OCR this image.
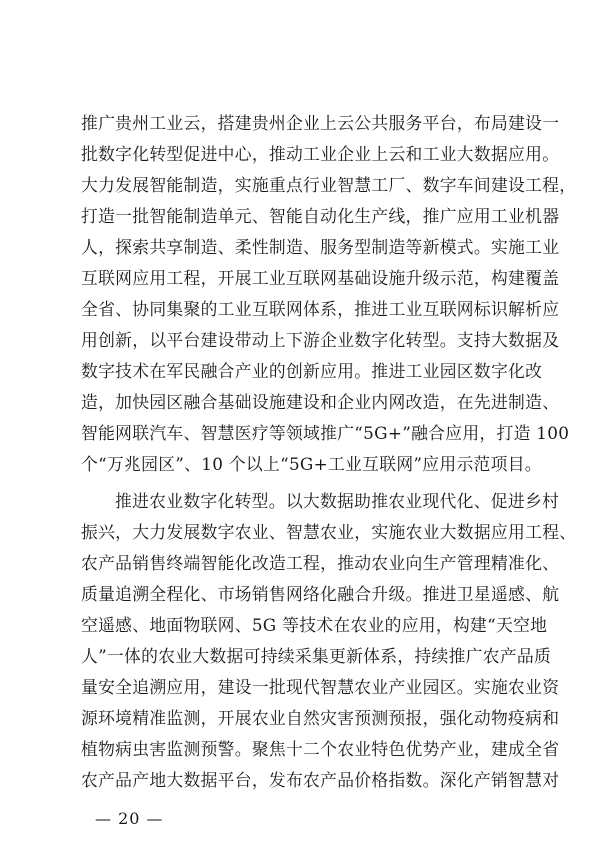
推广贵州工业云，搭建贵州企业上云公共服务平台，布局建设一
批数字化转型促进中心，推动工业企业上云和工业大数据应用。
大力发展智能制造，实施重点行业智慧工厂、数字车间建设工程，
打造一批智能制造单元、智能自动化生产线，推广应用工业机器
人，探索共享制造、柔性制造、服务型制造等新模式。实施工业
互联网应用工程，开展工业互联网基础设施升级示范，构建覆盖
全省、协同集聚的工业互联网体系，推进工业互联网标识解析应
用创新，以平台建设带动上下游企业数字化转型。支持大数据及
数字技术在军民融合产业的创新应用。推进工业园区数字化改
造，加快园区融合基础设施建设和企业内网改造，在先进制造、
智能网联汽车、智慧医疗等领域推广“5G+”融合应用，打造 100
个“万兆园区”、10 个以上“5G+工业互联网”应用示范项目。
推进农业数字化转型。以大数据助推农业现代化、促进乡村
振兴，大力发展数字农业、智慧农业，实施农业大数据应用工程、
农产品销售终端智能化改造工程，推动农业向生产管理精准化、
质量追溯全程化、市场销售网络化融合升级。推进卫星遥感、航
空遥感、地面物联网、5G 等技术在农业的应用，构建“天空地
人”一体的农业大数据可持续采集更新体系，持续推广农产品质
量安全追溯应用，建设一批现代智慧农业产业园区。实施农业资
源环境精准监测，开展农业自然灾害预测预报，强化动物疫病和
植物病虫害监测预警。聚焦十二个农业特色优势产业，建成全省
农产品产地大数据平台，发布农产品价格指数。深化产销智慧对
— 20 —
